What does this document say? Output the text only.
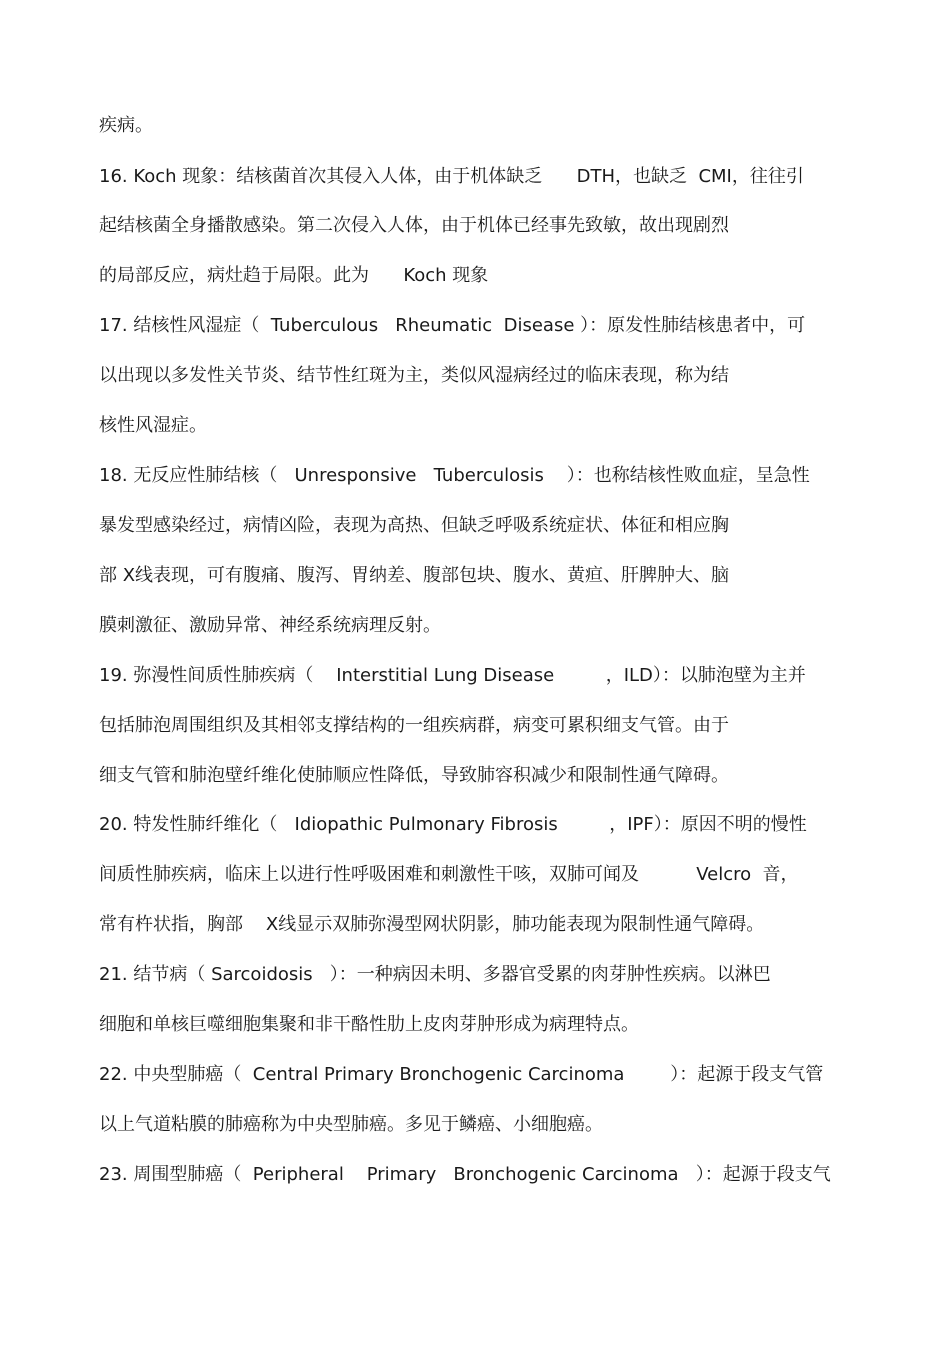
疾病。
16. Koch 现象：结核菌首次其侵入人体，由于机体缺乏      DTH，也缺乏  CMI，往往引
起结核菌全身播散感染。第二次侵入人体，由于机体已经事先致敏，故出现剧烈
的局部反应，病灶趋于局限。此为      Koch 现象
17. 结核性风湿症（  Tuberculous   Rheumatic  Disease ）：原发性肺结核患者中，可
以出现以多发性关节炎、结节性红斑为主，类似风湿病经过的临床表现，称为结
核性风湿症。
18. 无反应性肺结核（   Unresponsive   Tuberculosis    ）：也称结核性败血症，呈急性
暴发型感染经过，病情凶险，表现为高热、但缺乏呼吸系统症状、体征和相应胸
部 X线表现，可有腹痛、腹泻、胃纳差、腹部包块、腹水、黄疸、肝脾肿大、脑
膜刺激征、激励异常、神经系统病理反射。
19. 弥漫性间质性肺疾病（    Interstitial Lung Disease         ，ILD）：以肺泡壁为主并
包括肺泡周围组织及其相邻支撑结构的一组疾病群，病变可累积细支气管。由于
细支气管和肺泡壁纤维化使肺顺应性降低，导致肺容积减少和限制性通气障碍。
20. 特发性肺纤维化（   Idiopathic Pulmonary Fibrosis         ，IPF）：原因不明的慢性
间质性肺疾病，临床上以进行性呼吸困难和刺激性干咳，双肺可闻及          Velcro  音，
常有杵状指，胸部    X线显示双肺弥漫型网状阴影，肺功能表现为限制性通气障碍。
21. 结节病（ Sarcoidosis   ）：一种病因未明、多器官受累的肉芽肿性疾病。以淋巴
细胞和单核巨噬细胞集聚和非干酪性肋上皮肉芽肿形成为病理特点。
22. 中央型肺癌（  Central Primary Bronchogenic Carcinoma        ）：起源于段支气管
以上气道粘膜的肺癌称为中央型肺癌。多见于鳞癌、小细胞癌。
23. 周围型肺癌（  Peripheral    Primary   Bronchogenic Carcinoma   ）：起源于段支气
